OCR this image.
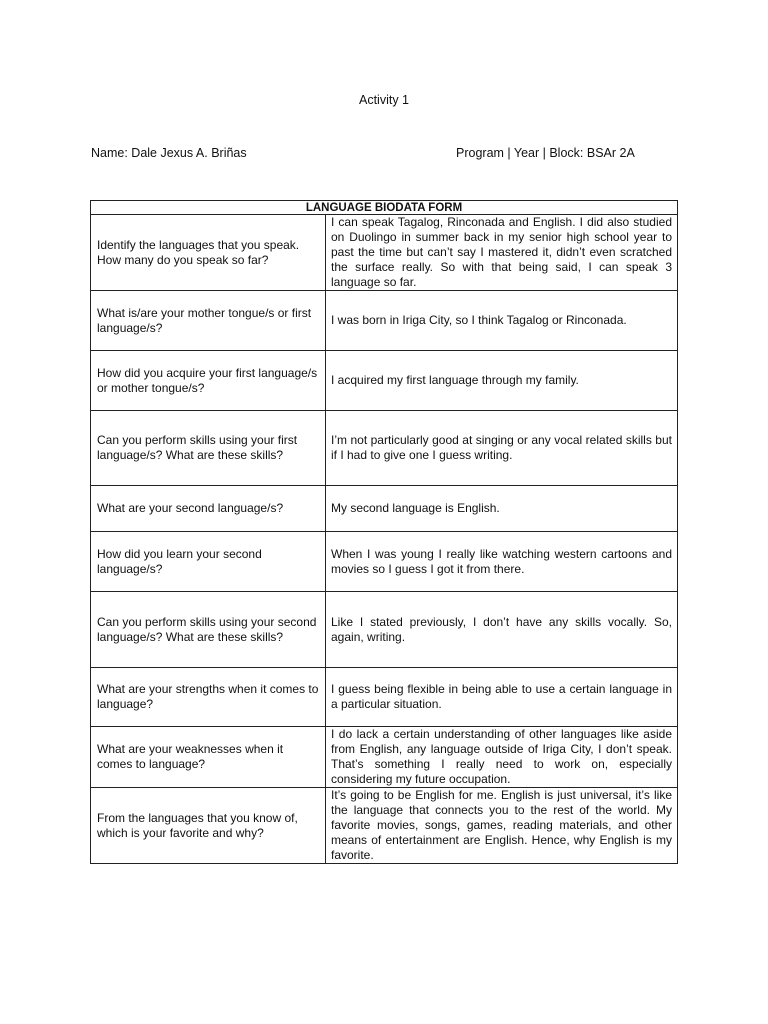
Activity 1
Name: Dale Jexus A. Briñas	Program | Year | Block: BSAr 2A
LANGUAGE BIODATA FORM	
Identify the languages that you speak. How many do you speak so far?	I can speak Tagalog, Rinconada and English. I did also studied on Duolingo in summer back in my senior high school year to past the time but can’t say I mastered it, didn’t even scratched the surface really. So with that being said, I can speak 3 language so far.
What is/are your mother tongue/s or first language/s?	I was born in Iriga City, so I think Tagalog or Rinconada.
How did you acquire your first language/s or mother tongue/s?	I acquired my first language through my family.
Can you perform skills using your first language/s? What are these skills?	I’m not particularly good at singing or any vocal related skills but if I had to give one I guess writing.
What are your second language/s?	My second language is English.
How did you learn your second language/s?	When I was young I really like watching western cartoons and movies so I guess I got it from there.
Can you perform skills using your second language/s? What are these skills?	Like I stated previously, I don’t have any skills vocally. So, again, writing.
What are your strengths when it comes to language?	I guess being flexible in being able to use a certain language in a particular situation.
What are your weaknesses when it comes to language?	I do lack a certain understanding of other languages like aside from English, any language outside of Iriga City, I don’t speak. That’s something I really need to work on, especially considering my future occupation.
From the languages that you know of, which is your favorite and why?	It’s going to be English for me. English is just universal, it’s like the language that connects you to the rest of the world. My favorite movies, songs, games, reading materials, and other means of entertainment are English. Hence, why English is my favorite.
